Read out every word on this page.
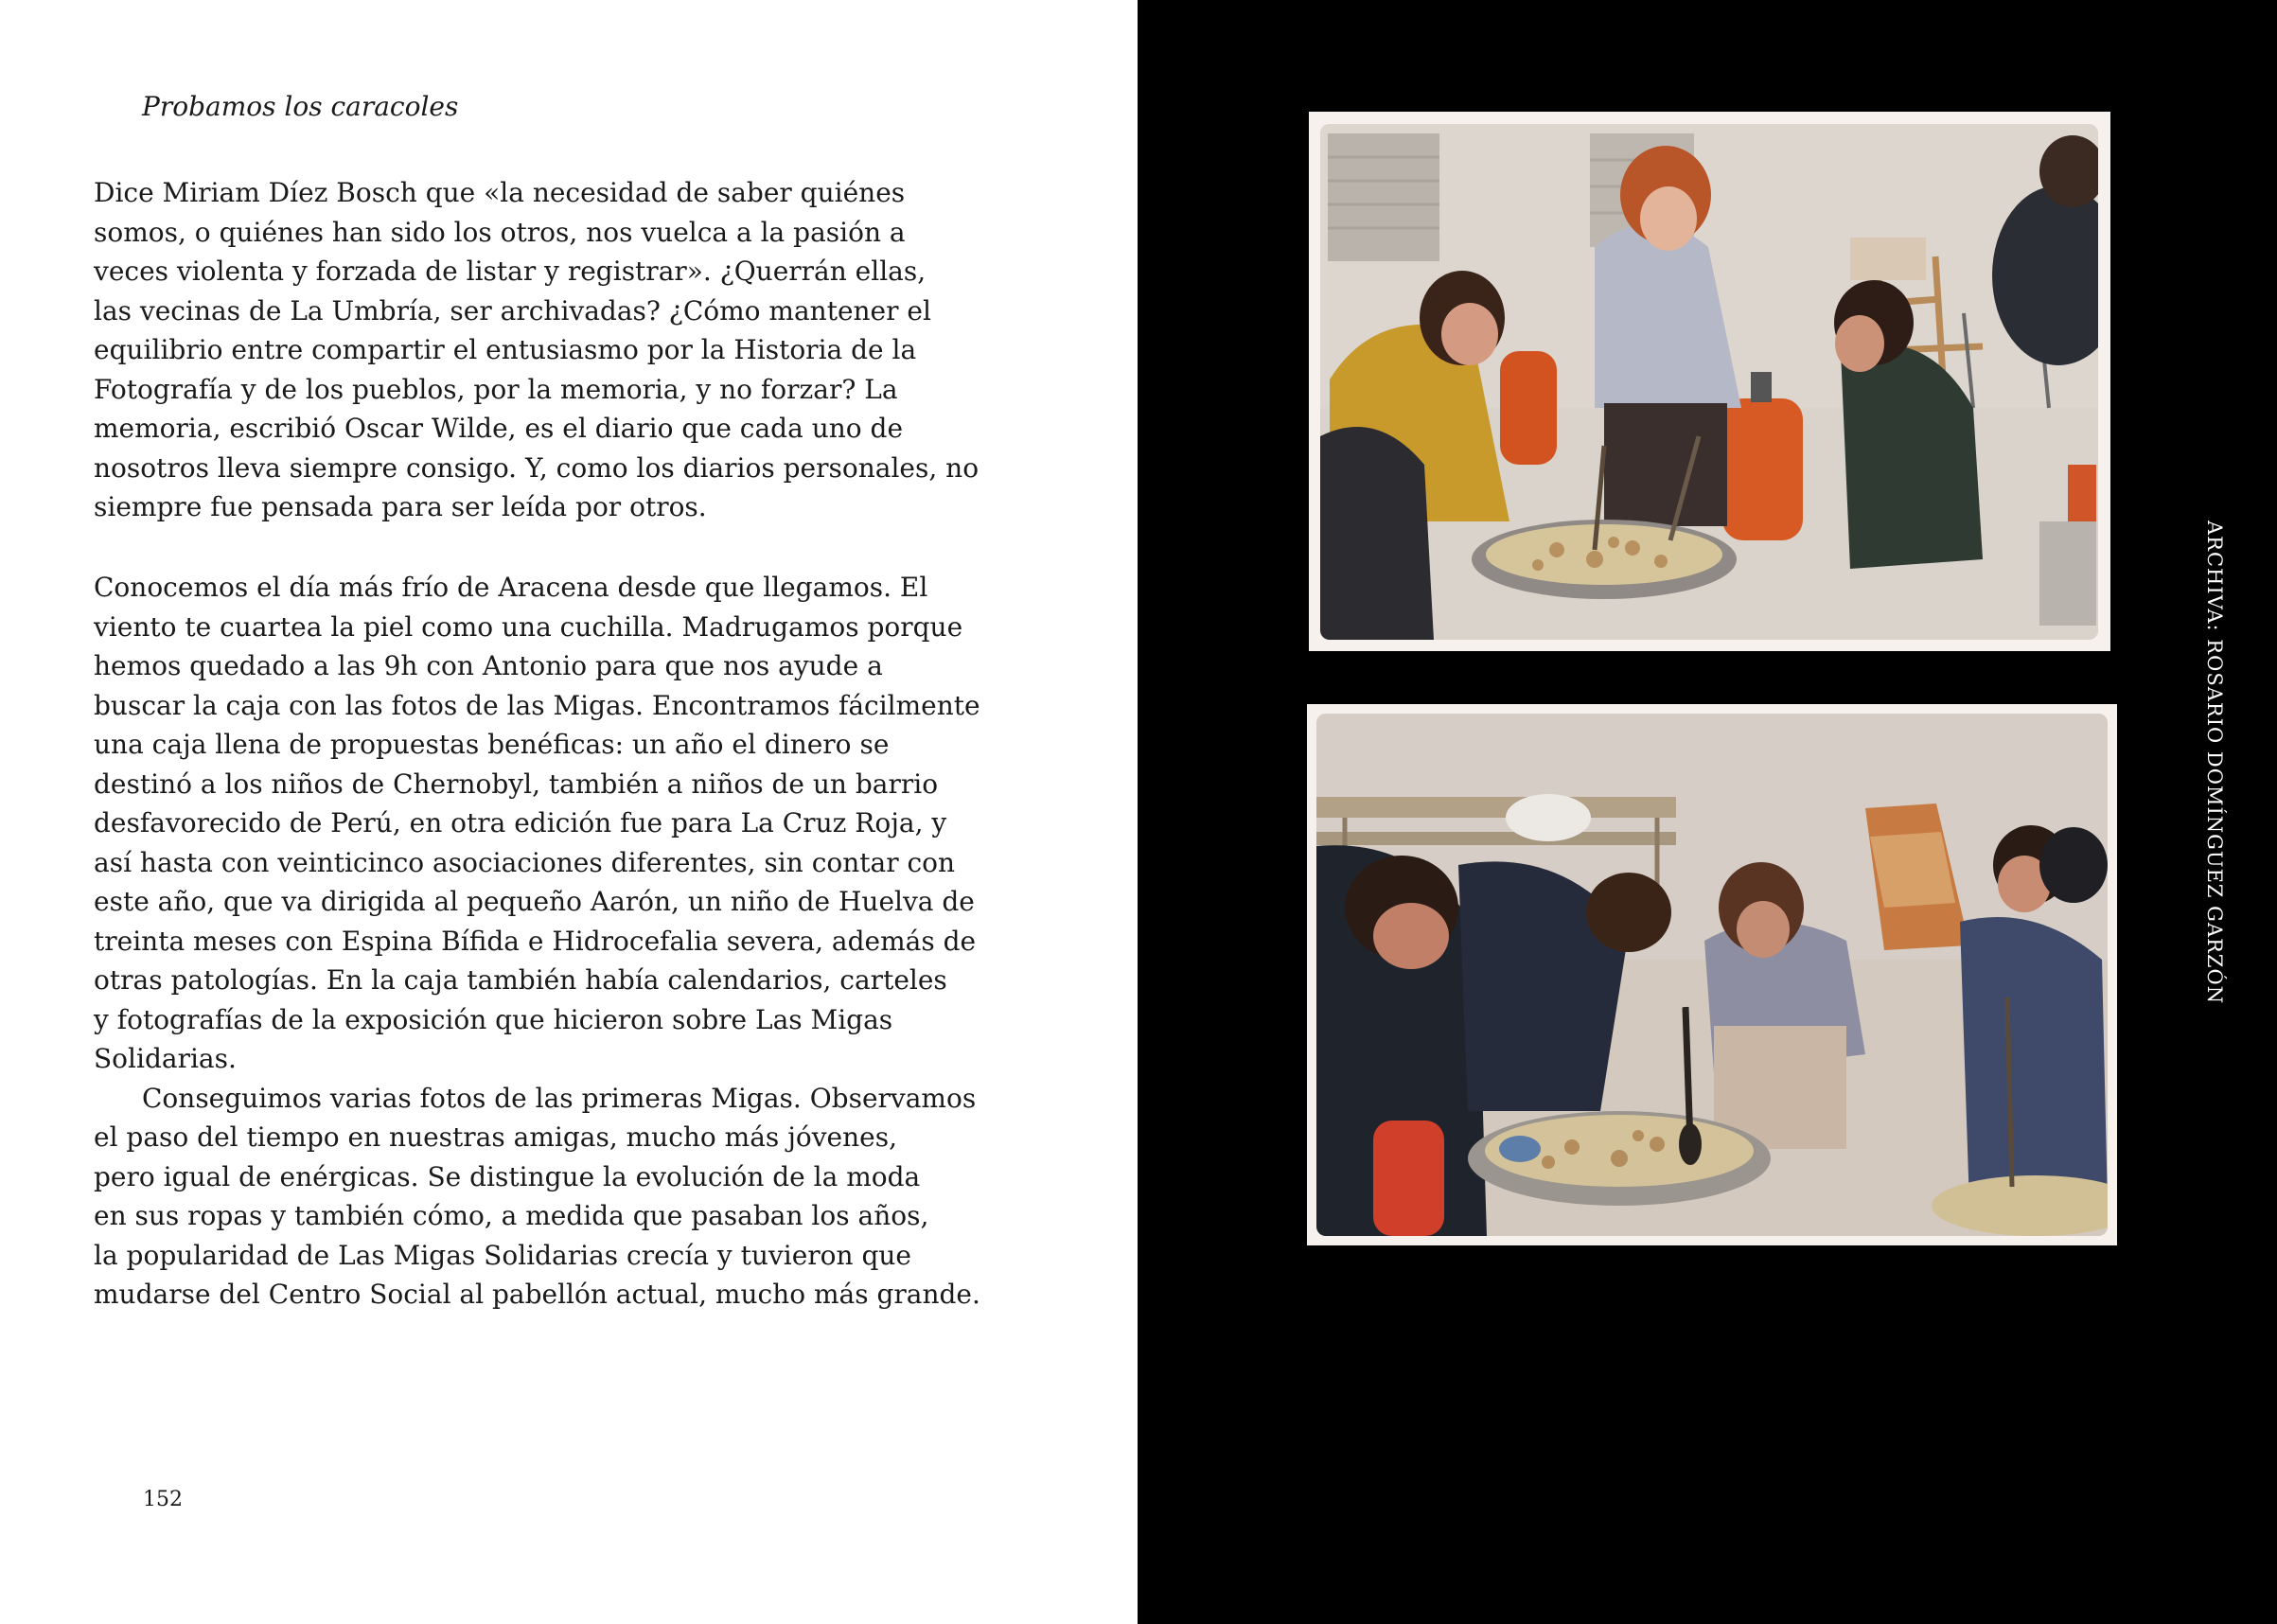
Probamos los caracoles
Dice Miriam Díez Bosch que «la necesidad de saber quiénes
somos, o quiénes han sido los otros, nos vuelca a la pasión a
veces violenta y forzada de listar y registrar». ¿Querrán ellas,
las vecinas de La Umbría, ser archivadas? ¿Cómo mantener el
equilibrio entre compartir el entusiasmo por la Historia de la
Fotografía y de los pueblos, por la memoria, y no forzar? La
memoria, escribió Oscar Wilde, es el diario que cada uno de
nosotros lleva siempre consigo. Y, como los diarios personales, no
siempre fue pensada para ser leída por otros.
Conocemos el día más frío de Aracena desde que llegamos. El
viento te cuartea la piel como una cuchilla. Madrugamos porque
hemos quedado a las 9h con Antonio para que nos ayude a
buscar la caja con las fotos de las Migas. Encontramos fácilmente
una caja llena de propuestas benéficas: un año el dinero se
destinó a los niños de Chernobyl, también a niños de un barrio
desfavorecido de Perú, en otra edición fue para La Cruz Roja, y
así hasta con veinticinco asociaciones diferentes, sin contar con
este año, que va dirigida al pequeño Aarón, un niño de Huelva de
treinta meses con Espina Bífida e Hidrocefalia severa, además de
otras patologías. En la caja también había calendarios, carteles
y fotografías de la exposición que hicieron sobre Las Migas
Solidarias.
Conseguimos varias fotos de las primeras Migas. Observamos
el paso del tiempo en nuestras amigas, mucho más jóvenes,
pero igual de enérgicas. Se distingue la evolución de la moda
en sus ropas y también cómo, a medida que pasaban los años,
la popularidad de Las Migas Solidarias crecía y tuvieron que
mudarse del Centro Social al pabellón actual, mucho más grande.
152
ARCHIVA: ROSARIO DOMÍNGUEZ GARZÓN
